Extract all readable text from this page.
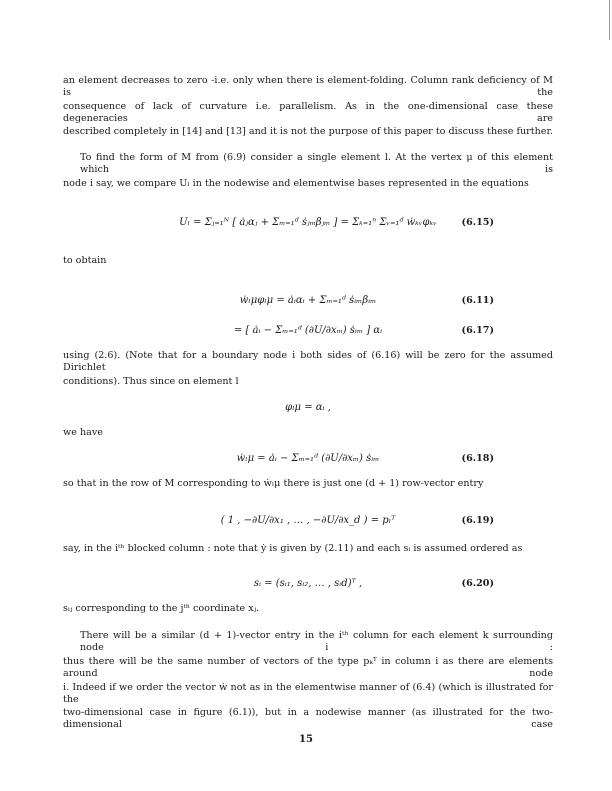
an element decreases to zero -i.e. only when there is element-folding. Column rank deficiency of M is the
consequence of lack of curvature i.e. parallelism. As in the one-dimensional case these degeneracies are
described completely in [14] and [13] and it is not the purpose of this paper to discuss these further.
To find the form of M from (6.9) consider a single element l. At the vertex μ of this element which is
node i say, we compare Uₗ in the nodewise and elementwise bases represented in the equations
Uₗ = Σⱼ₌₁ᴺ [ ȧⱼαⱼ + Σₘ₌₁ᵈ ṡⱼₘβⱼₘ ] = Σₖ₌₁ⁿ Σᵥ₌₁ᵈ ẇₖᵥφₖᵥ	(6.15)
to obtain
ẇₗμφₗμ = ȧᵢαᵢ + Σₘ₌₁ᵈ ṡᵢₘβᵢₘ	(6.11)
= [ ȧᵢ − Σₘ₌₁ᵈ (∂U/∂xₘ) ṡᵢₘ ] αᵢ	(6.17)
using (2.6). (Note that for a boundary node i both sides of (6.16) will be zero for the assumed Dirichlet
conditions). Thus since on element l
φₗμ = αᵢ ,
we have
ẇₗμ = ȧᵢ − Σₘ₌₁ᵈ (∂U/∂xₘ) ṡᵢₘ	(6.18)
so that in the row of M corresponding to ẇₗμ there is just one (d + 1) row-vector entry
( 1 , −∂U/∂x₁ , … , −∂U/∂x_d ) = pₗᵀ	(6.19)
say, in the iᵗʰ blocked column : note that ẏ is given by (2.11) and each sᵢ is assumed ordered as
sᵢ = (sᵢ₁, sᵢ₂, … , sᵢd)ᵀ ,	(6.20)
sᵢⱼ corresponding to the jᵗʰ coordinate xⱼ.
There will be a similar (d + 1)-vector entry in the iᵗʰ column for each element k surrounding node i :
thus there will be the same number of vectors of the type pₖᵀ in column i as there are elements around node
i. Indeed if we order the vector ẇ not as in the elementwise manner of (6.4) (which is illustrated for the
two-dimensional case in figure (6.1)), but in a nodewise manner (as illustrated for the two-dimensional case
15
